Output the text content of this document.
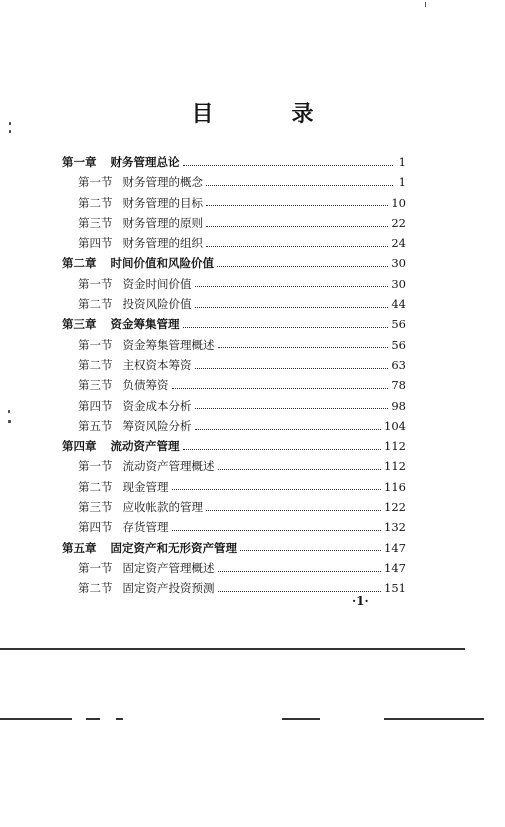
目　录
第一章 财务管理总论	1
第一节 财务管理的概念	1
第二节 财务管理的目标	10
第三节 财务管理的原则	22
第四节 财务管理的组织	24
第二章 时间价值和风险价值	30
第一节 资金时间价值	30
第二节 投资风险价值	44
第三章 资金筹集管理	56
第一节 资金筹集管理概述	56
第二节 主权资本筹资	63
第三节 负债筹资	78
第四节 资金成本分析	98
第五节 筹资风险分析	104
第四章 流动资产管理	112
第一节 流动资产管理概述	112
第二节 现金管理	116
第三节 应收帐款的管理	122
第四节 存货管理	132
第五章 固定资产和无形资产管理	147
第一节 固定资产管理概述	147
第二节 固定资产投资预测	151
·1·
